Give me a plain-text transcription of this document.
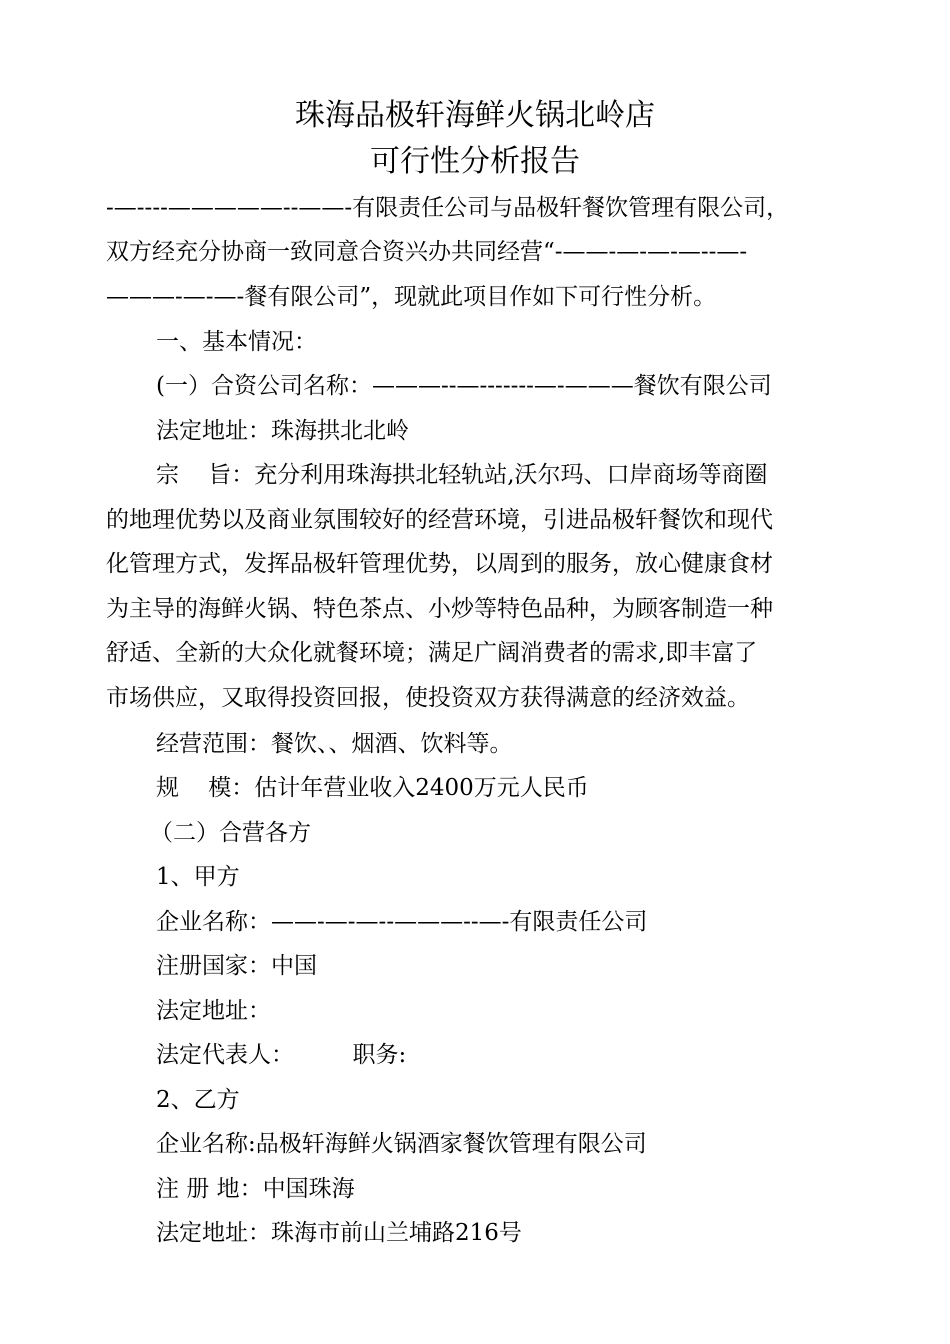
珠海品极轩海鲜火锅北岭店
可行性分析报告
-—----—————--——-有限责任公司与品极轩餐饮管理有限公司，
双方经充分协商一致同意合资兴办共同经营“-——-—-—-—--—-
———-—-—-餐有限公司”，现就此项目作如下可行性分析。
一、基本情况：
(一）合资公司名称：———--—-------—-———餐饮有限公司
法定地址：珠海拱北北岭
宗    旨：充分利用珠海拱北轻轨站,沃尔玛、口岸商场等商圈
的地理优势以及商业氛围较好的经营环境，引进品极轩餐饮和现代
化管理方式，发挥品极轩管理优势，以周到的服务，放心健康食材
为主导的海鲜火锅、特色茶点、小炒等特色品种，为顾客制造一种
舒适、全新的大众化就餐环境；满足广阔消费者的需求,即丰富了
市场供应，又取得投资回报，使投资双方获得满意的经济效益。
经营范围：餐饮、、烟酒、饮料等。
规    模：估计年营业收入2400万元人民币
（二）合营各方
1、甲方
企业名称：——-—-—--———--—-有限责任公司
注册国家：中国
法定地址：
法定代表人：        职务:
2、乙方
企业名称:品极轩海鲜火锅酒家餐饮管理有限公司
注 册 地：中国珠海
法定地址：珠海市前山兰埔路216号
